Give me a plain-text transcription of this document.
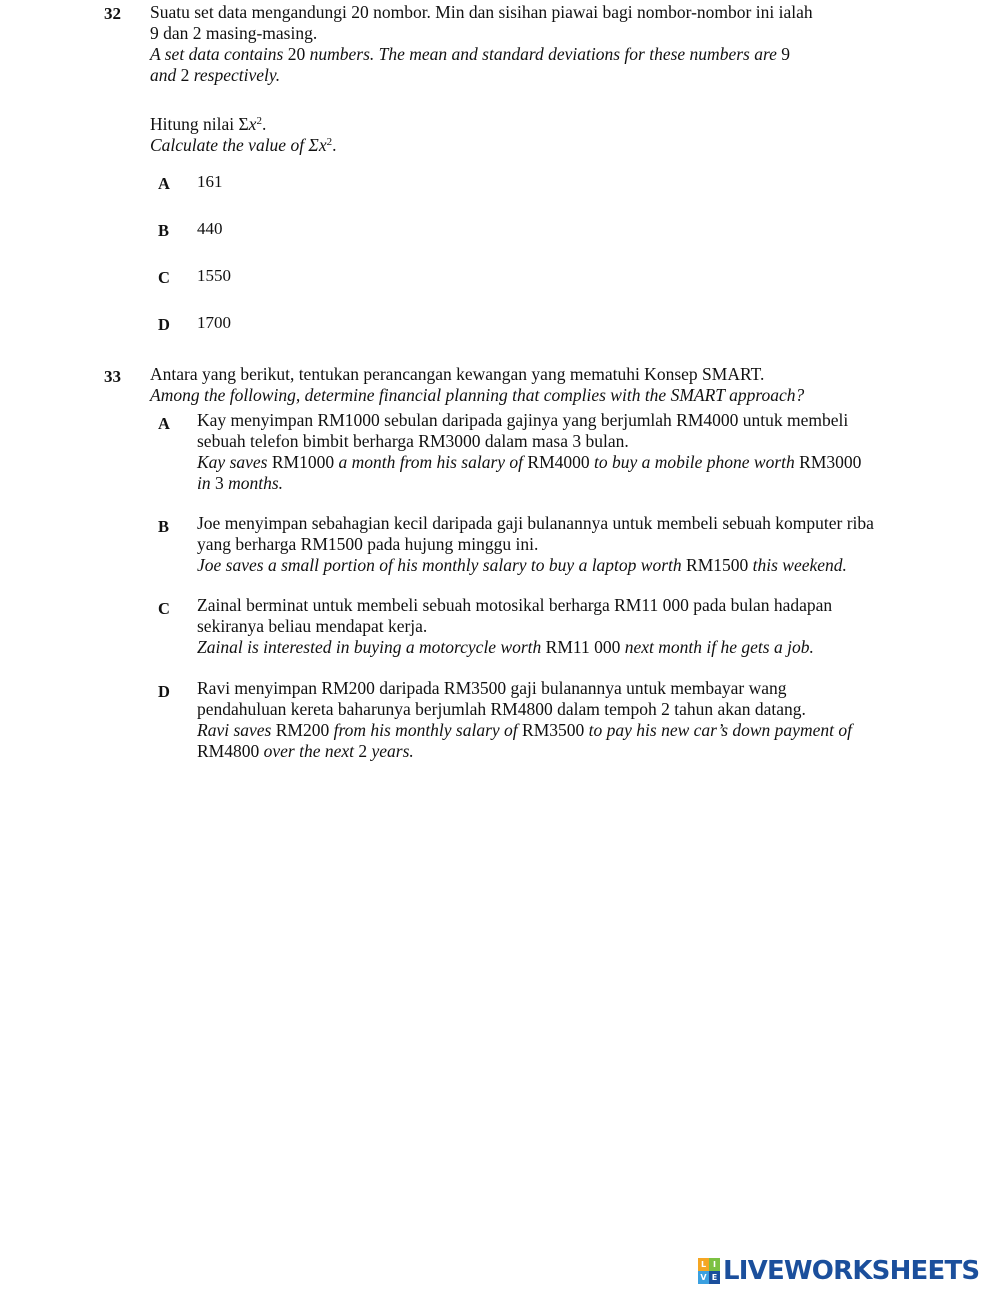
32 Suatu set data mengandungi 20 nombor. Min dan sisihan piawai bagi nombor-nombor ini ialah
9 dan 2 masing-masing.
A set data contains 20 numbers. The mean and standard deviations for these numbers are 9
and 2 respectively.
Hitung nilai $\Sigma x^2$.
Calculate the value of $\Sigma x^2$.
A 161
B 440
C 1550
D 1700
33 Antara yang berikut, tentukan perancangan kewangan yang mematuhi Konsep SMART.
Among the following, determine financial planning that complies with the SMART approach?
A Kay menyimpan RM1000 sebulan daripada gajinya yang berjumlah RM4000 untuk membeli
sebuah telefon bimbit berharga RM3000 dalam masa 3 bulan.
Kay saves RM1000 a month from his salary of RM4000 to buy a mobile phone worth RM3000
in 3 months.
B Joe menyimpan sebahagian kecil daripada gaji bulanannya untuk membeli sebuah komputer riba
yang berharga RM1500 pada hujung minggu ini.
Joe saves a small portion of his monthly salary to buy a laptop worth RM1500 this weekend.
C Zainal berminat untuk membeli sebuah motosikal berharga RM11 000 pada bulan hadapan
sekiranya beliau mendapat kerja.
Zainal is interested in buying a motorcycle worth RM11 000 next month if he gets a job.
D Ravi menyimpan RM200 daripada RM3500 gaji bulanannya untuk membayar wang
pendahuluan kereta baharunya berjumlah RM4800 dalam tempoh 2 tahun akan datang.
Ravi saves RM200 from his monthly salary of RM3500 to pay his new car’s down payment of
RM4800 over the next 2 years.
L I
V E LIVEWORKSHEETS
